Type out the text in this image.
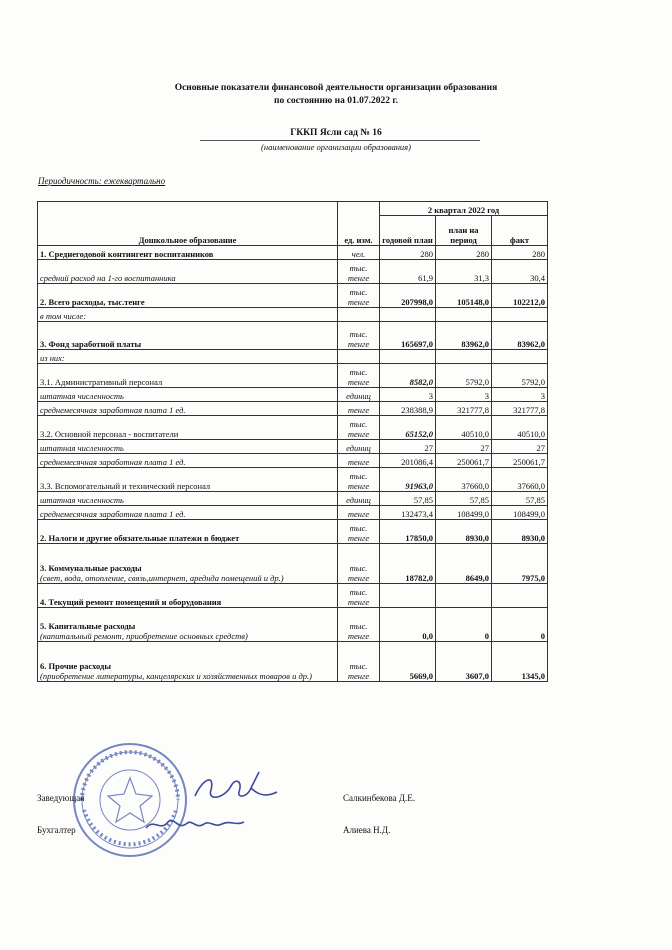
Основные показатели финансовой деятельности организации образования
по состоянию на 01.07.2022 г.
ГККП Ясли сад № 16
(наименование организации образования)
Периодичность: ежеквартально
Дошкольное образование	ед. изм.	2 квартал 2022 год		
		годовой план	план на период	факт
1. Среднегодовой контингент воспитанников	чел.	280	280	280
средний расход на 1-го воспитанника	тыс. тенге	61,9	31,3	30,4
2. Всего расходы, тыс.тенге	тыс. тенге	207998,0	105148,0	102212,0
в том числе:				
3. Фонд заработной платы	тыс. тенге	165697,0	83962,0	83962,0
из них:				
3.1. Административный персонал	тыс. тенге	8582,0	5792,0	5792,0
штатная численность	единиц	3	3	3
среднемесячная заработная плата 1 ед.	тенге	238388,9	321777,8	321777,8
3.2. Основной персонал - воспитатели	тыс. тенге	65152,0	40510,0	40510,0
штатная численность	единиц	27	27	27
среднемесячная заработная плата 1 ед.	тенге	201086,4	250061,7	250061,7
3.3. Вспомогательный и технический персонал	тыс. тенге	91963,0	37660,0	37660,0
штатная численность	единиц	57,85	57,85	57,85
среднемесячная заработная плата 1 ед.	тенге	132473,4	108499,0	108499,0
2. Налоги и другие обязательные платежи в бюджет	тыс. тенге	17850,0	8930,0	8930,0
3. Коммунальные расходы
(свет, вода, отопление, связь,интернет, аредндa помещений и др.)	тыс. тенге	18782,0	8649,0	7975,0
4. Текущий ремонт помещений и оборудования	тыс. тенге			
5. Капитальные расходы
(капитальный ремонт, приобретение основных средств)	тыс. тенге	0,0	0	0
6. Прочие расходы
(приобретение литературы, канцелярских и хозяйственных товаров и др.)	тыс. тенге	5669,0	3607,0	1345,0
Заведующая	Салкинбекова Д.Е.
Бухгалтер	Алиева Н.Д.
